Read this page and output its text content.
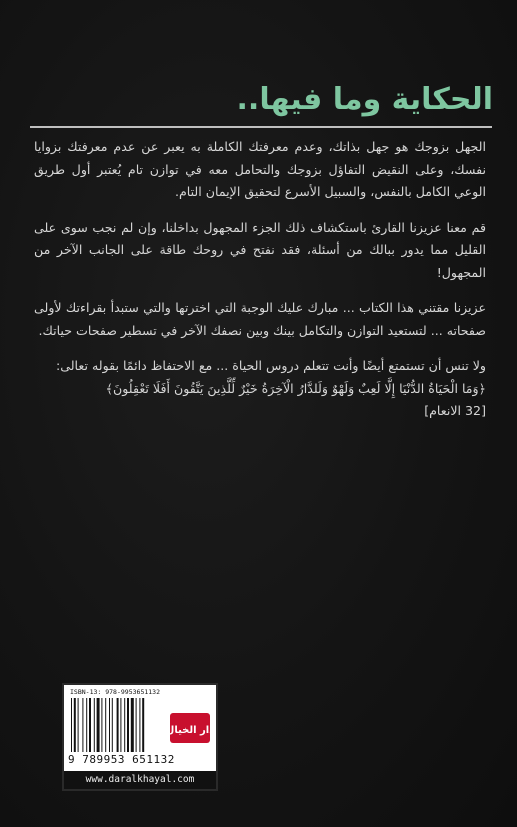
الحكاية وما فيها..

الجهل بزوجك هو جهل بذاتك، وعدم معرفتك الكاملة به يعبر عن عدم معرفتك بزوايا نفسك، وعلى النقيض التفاؤل بزوجك والتحامل معه في توازن تام يُعتبر أول طريق الوعي الكامل بالنفس، والسبيل الأسرع لتحقيق الإيمان التام.

قم معنا عزيزنا القارئ باستكشاف ذلك الجزء المجهول بداخلنا، وإن لم نجب سوى على القليل مما يدور ببالك من أسئلة، فقد نفتح في روحك طاقة على الجانب الآخر من المجهول!

عزيزنا مقتني هذا الكتاب ... مبارك عليك الوجبة التي اخترتها والتي ستبدأ بقراءتك لأولى صفحاته ... لتستعيد التوازن والتكامل بينك وبين نصفك الآخر في تسطير صفحات حياتك.

ولا تنس أن تستمتع أيضًا وأنت تتعلم دروس الحياة ... مع الاحتفاظ دائمًا بقوله تعالى:
﴿وَمَا الْحَيَاةُ الدُّنْيَا إِلَّا لَعِبٌ وَلَهْوٌ وَلَلدَّارُ الْآخِرَةُ خَيْرٌ لِّلَّذِينَ يَتَّقُونَ أَفَلَا تَعْقِلُونَ﴾
[32 الانعام]

ISBN-13: 978-9953651132
9 789953 651132
دار الخيال
www.daralkhayal.com
